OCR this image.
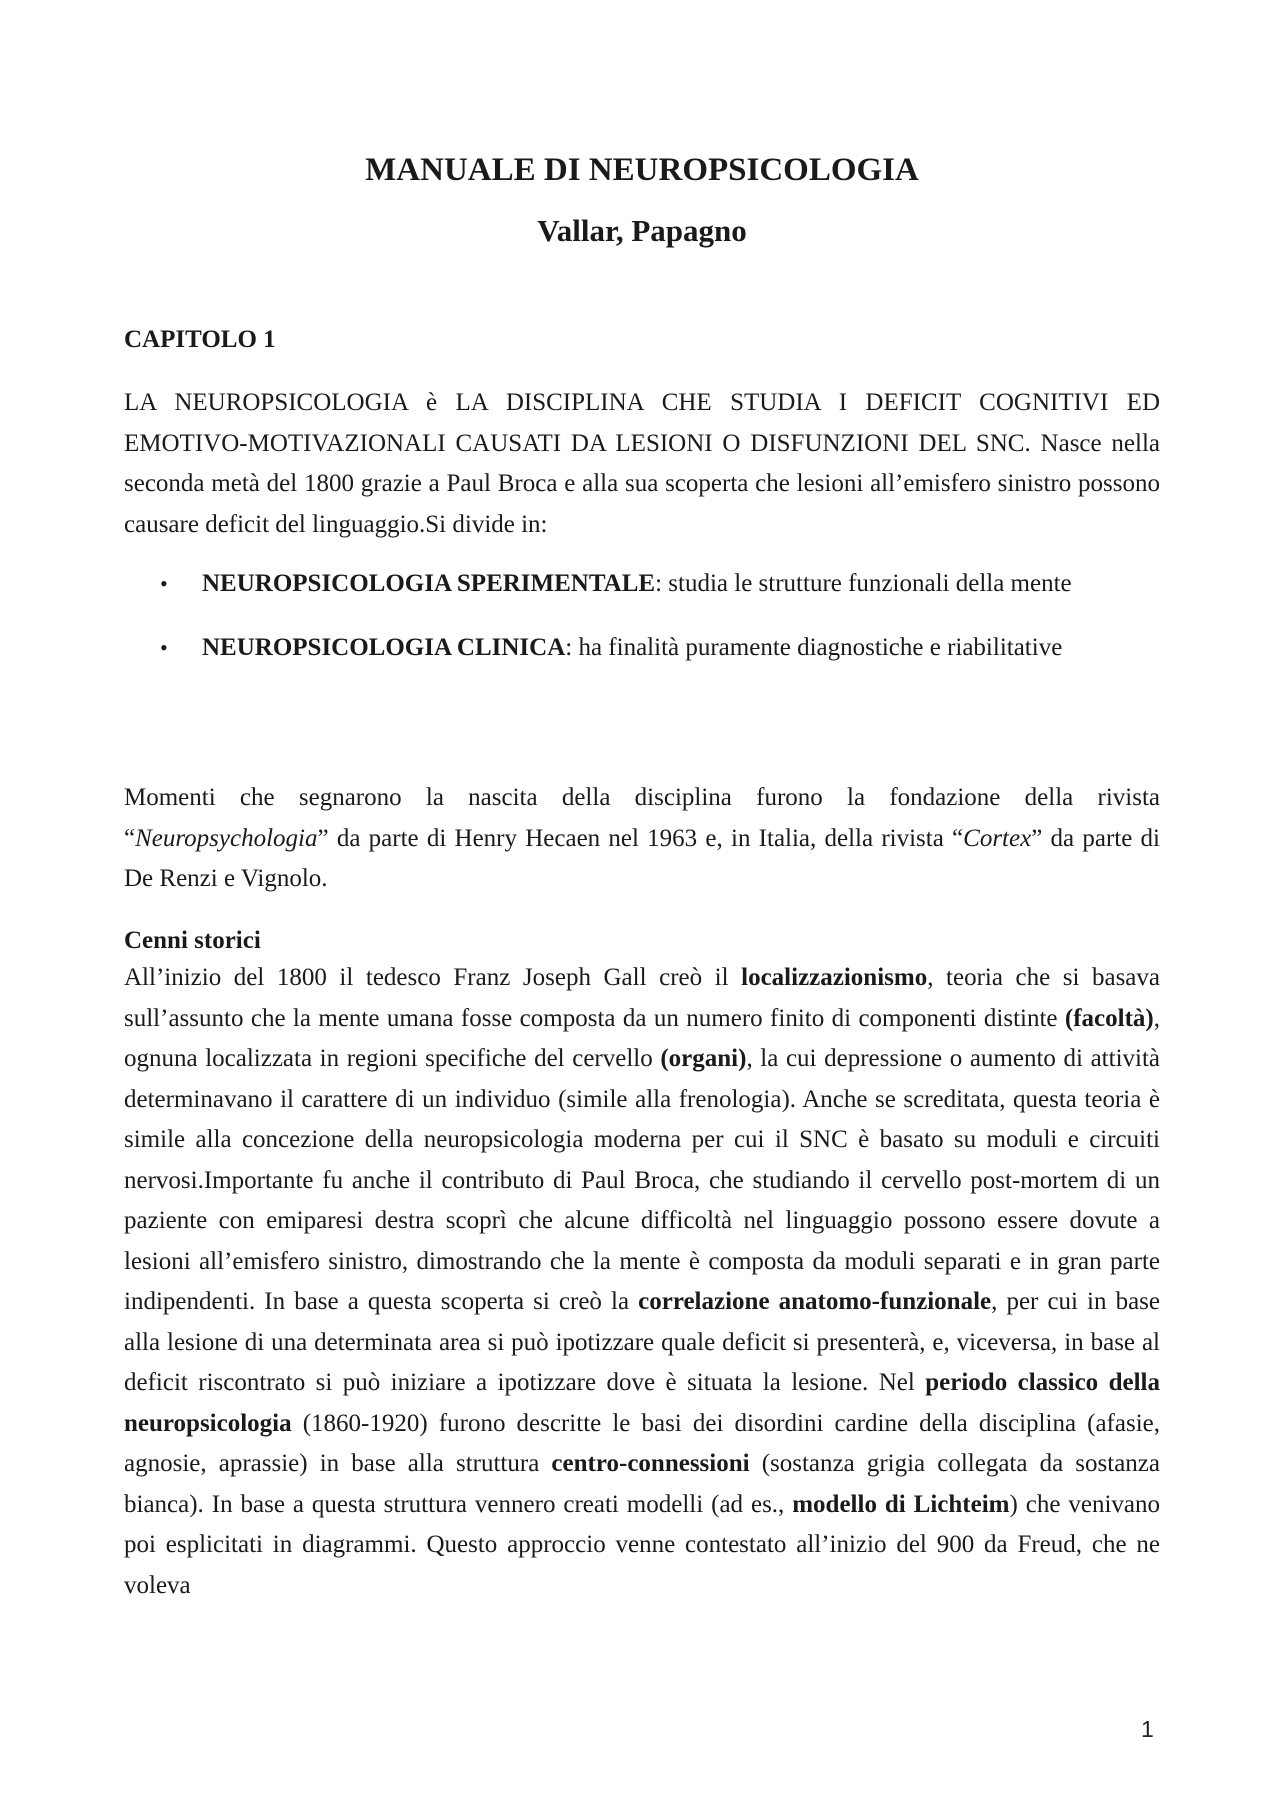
MANUALE DI NEUROPSICOLOGIA
Vallar, Papagno
CAPITOLO 1

LA NEUROPSICOLOGIA è LA DISCIPLINA CHE STUDIA I DEFICIT COGNITIVI ED EMOTIVO-MOTIVAZIONALI CAUSATI DA LESIONI O DISFUNZIONI DEL SNC. Nasce nella seconda metà del 1800 grazie a Paul Broca e alla sua scoperta che lesioni all’emisfero sinistro possono causare deficit del linguaggio.Si divide in:

• NEUROPSICOLOGIA SPERIMENTALE: studia le strutture funzionali della mente
• NEUROPSICOLOGIA CLINICA: ha finalità puramente diagnostiche e riabilitative

Momenti che segnarono la nascita della disciplina furono la fondazione della rivista “Neuropsychologia” da parte di Henry Hecaen nel 1963 e, in Italia, della rivista “Cortex” da parte di De Renzi e Vignolo.

Cenni storici

All’inizio del 1800 il tedesco Franz Joseph Gall creò il localizzazionismo, teoria che si basava sull’assunto che la mente umana fosse composta da un numero finito di componenti distinte (facoltà), ognuna localizzata in regioni specifiche del cervello (organi), la cui depressione o aumento di attività determinavano il carattere di un individuo (simile alla frenologia). Anche se screditata, questa teoria è simile alla concezione della neuropsicologia moderna per cui il SNC è basato su moduli e circuiti nervosi.Importante fu anche il contributo di Paul Broca, che studiando il cervello post-mortem di un paziente con emiparesi destra scoprì che alcune difficoltà nel linguaggio possono essere dovute a lesioni all’emisfero sinistro, dimostrando che la mente è composta da moduli separati e in gran parte indipendenti. In base a questa scoperta si creò la correlazione anatomo-funzionale, per cui in base alla lesione di una determinata area si può ipotizzare quale deficit si presenterà, e, viceversa, in base al deficit riscontrato si può iniziare a ipotizzare dove è situata la lesione. Nel periodo classico della neuropsicologia (1860-1920) furono descritte le basi dei disordini cardine della disciplina (afasie, agnosie, aprassie) in base alla struttura centro-connessioni (sostanza grigia collegata da sostanza bianca). In base a questa struttura vennero creati modelli (ad es., modello di Lichteim) che venivano poi esplicitati in diagrammi. Questo approccio venne contestato all’inizio del 900 da Freud, che ne voleva

1
